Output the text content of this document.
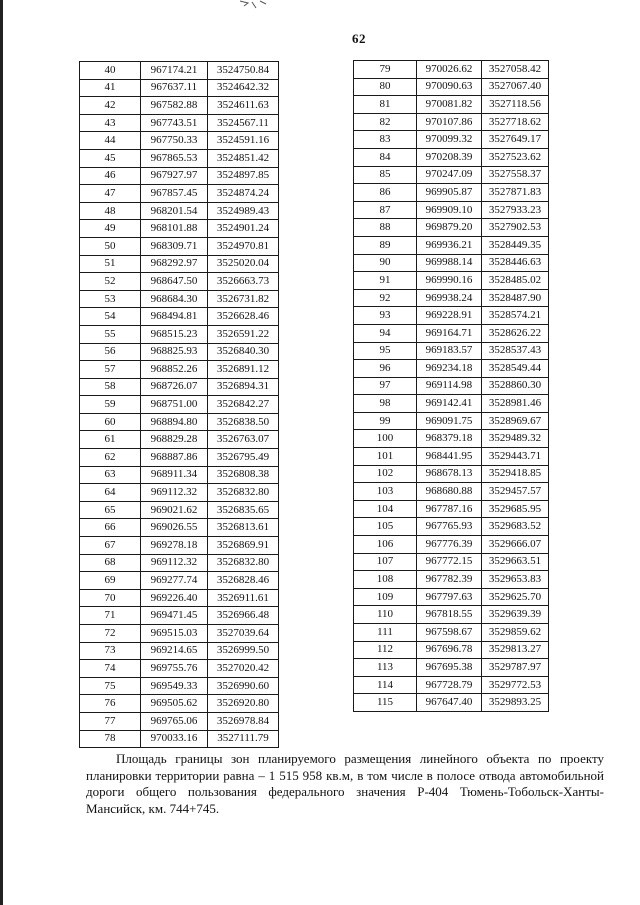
62
40	967174.21	3524750.84
41	967637.11	3524642.32
42	967582.88	3524611.63
43	967743.51	3524567.11
44	967750.33	3524591.16
45	967865.53	3524851.42
46	967927.97	3524897.85
47	967857.45	3524874.24
48	968201.54	3524989.43
49	968101.88	3524901.24
50	968309.71	3524970.81
51	968292.97	3525020.04
52	968647.50	3526663.73
53	968684.30	3526731.82
54	968494.81	3526628.46
55	968515.23	3526591.22
56	968825.93	3526840.30
57	968852.26	3526891.12
58	968726.07	3526894.31
59	968751.00	3526842.27
60	968894.80	3526838.50
61	968829.28	3526763.07
62	968887.86	3526795.49
63	968911.34	3526808.38
64	969112.32	3526832.80
65	969021.62	3526835.65
66	969026.55	3526813.61
67	969278.18	3526869.91
68	969112.32	3526832.80
69	969277.74	3526828.46
70	969226.40	3526911.61
71	969471.45	3526966.48
72	969515.03	3527039.64
73	969214.65	3526999.50
74	969755.76	3527020.42
75	969549.33	3526990.60
76	969505.62	3526920.80
77	969765.06	3526978.84
78	970033.16	3527111.79
79	970026.62	3527058.42
80	970090.63	3527067.40
81	970081.82	3527118.56
82	970107.86	3527718.62
83	970099.32	3527649.17
84	970208.39	3527523.62
85	970247.09	3527558.37
86	969905.87	3527871.83
87	969909.10	3527933.23
88	969879.20	3527902.53
89	969936.21	3528449.35
90	969988.14	3528446.63
91	969990.16	3528485.02
92	969938.24	3528487.90
93	969228.91	3528574.21
94	969164.71	3528626.22
95	969183.57	3528537.43
96	969234.18	3528549.44
97	969114.98	3528860.30
98	969142.41	3528981.46
99	969091.75	3528969.67
100	968379.18	3529489.32
101	968441.95	3529443.71
102	968678.13	3529418.85
103	968680.88	3529457.57
104	967787.16	3529685.95
105	967765.93	3529683.52
106	967776.39	3529666.07
107	967772.15	3529663.51
108	967782.39	3529653.83
109	967797.63	3529625.70
110	967818.55	3529639.39
111	967598.67	3529859.62
112	967696.78	3529813.27
113	967695.38	3529787.97
114	967728.79	3529772.53
115	967647.40	3529893.25

Площадь границы зон планируемого размещения линейного объекта по проекту планировки территории равна – 1 515 958 кв.м, в том числе в полосе отвода автомобильной дороги общего пользования федерального значения Р-404 Тюмень-Тобольск-Ханты-Мансийск, км. 744+745.
